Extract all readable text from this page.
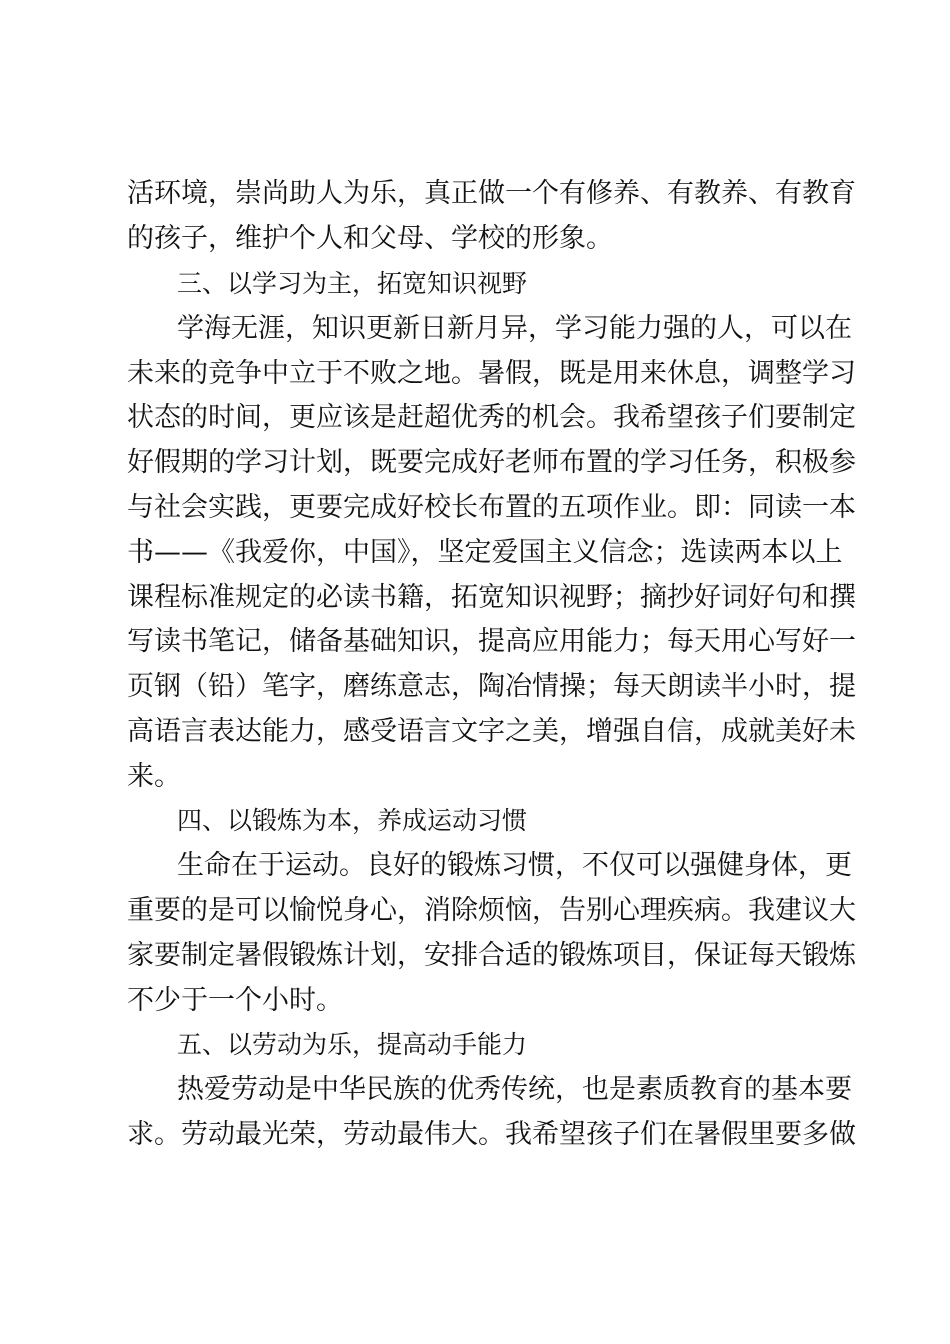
活环境，崇尚助人为乐，真正做一个有修养、有教养、有教育
的孩子，维护个人和父母、学校的形象。
三、以学习为主，拓宽知识视野
学海无涯，知识更新日新月异，学习能力强的人，可以在
未来的竞争中立于不败之地。暑假，既是用来休息，调整学习
状态的时间，更应该是赶超优秀的机会。我希望孩子们要制定
好假期的学习计划，既要完成好老师布置的学习任务，积极参
与社会实践，更要完成好校长布置的五项作业。即：同读一本
书——《我爱你，中国》，坚定爱国主义信念；选读两本以上
课程标准规定的必读书籍，拓宽知识视野；摘抄好词好句和撰
写读书笔记，储备基础知识，提高应用能力；每天用心写好一
页钢（铅）笔字，磨练意志，陶冶情操；每天朗读半小时，提
高语言表达能力，感受语言文字之美，增强自信，成就美好未
来。
四、以锻炼为本，养成运动习惯
生命在于运动。良好的锻炼习惯，不仅可以强健身体，更
重要的是可以愉悦身心，消除烦恼，告别心理疾病。我建议大
家要制定暑假锻炼计划，安排合适的锻炼项目，保证每天锻炼
不少于一个小时。
五、以劳动为乐，提高动手能力
热爱劳动是中华民族的优秀传统，也是素质教育的基本要
求。劳动最光荣，劳动最伟大。我希望孩子们在暑假里要多做
